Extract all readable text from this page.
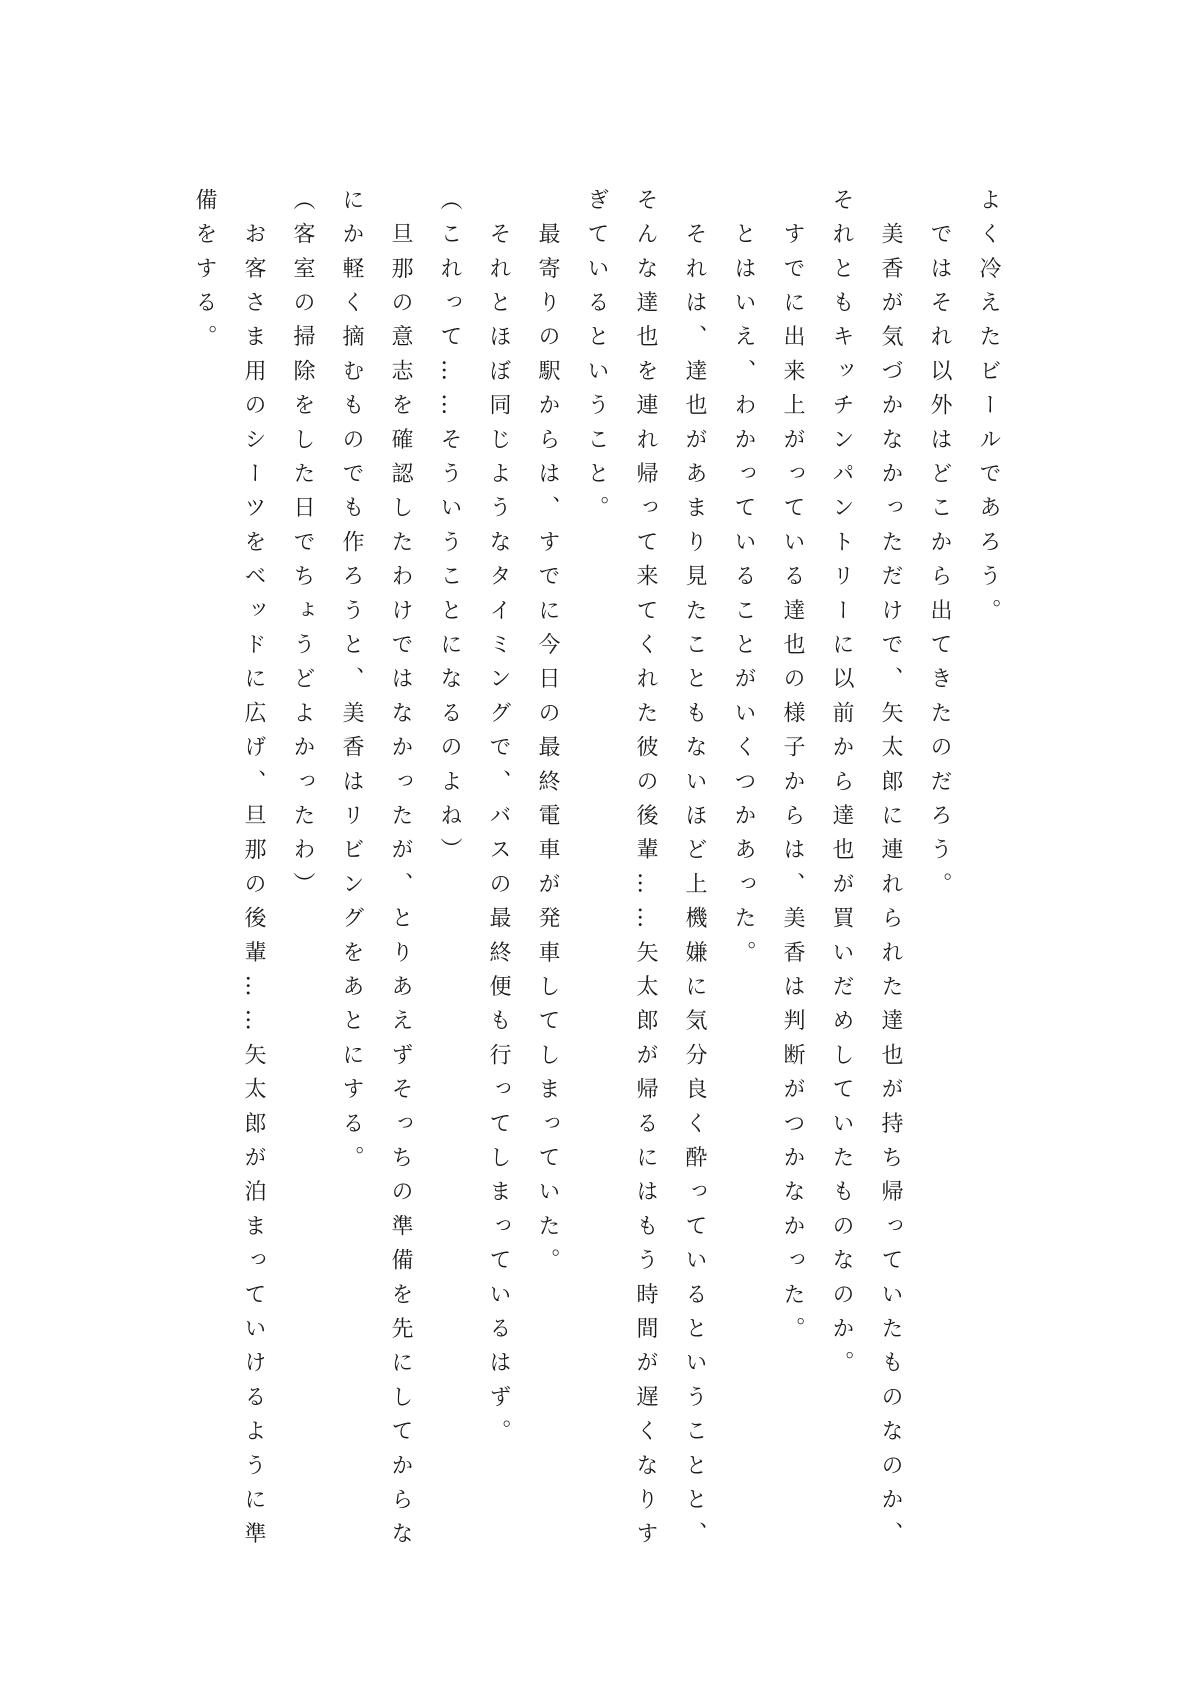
よく冷えたビールであろう。

　ではそれ以外はどこから出てきたのだろう。

　美香が気づかなかっただけで、矢太郎に連れられた達也が持ち帰っていたものなのか、

それともキッチンパントリーに以前から達也が買いだめしていたものなのか。

　すでに出来上がっている達也の様子からは、美香は判断がつかなかった。

　とはいえ、わかっていることがいくつかあった。

　それは、達也があまり見たこともないほど上機嫌に気分良く酔っているということと、

そんな達也を連れ帰って来てくれた彼の後輩……矢太郎が帰るにはもう時間が遅くなりす

ぎているということ。

　最寄りの駅からは、すでに今日の最終電車が発車してしまっていた。

　それとほぼ同じようなタイミングで、バスの最終便も行ってしまっているはず。

（これって……そういうことになるのよね）

　旦那の意志を確認したわけではなかったが、とりあえずそっちの準備を先にしてからな

にか軽く摘むものでも作ろうと、美香はリビングをあとにする。

（客室の掃除をした日でちょうどよかったわ）

　お客さま用のシーツをベッドに広げ、旦那の後輩……矢太郎が泊まっていけるように準

備をする。
